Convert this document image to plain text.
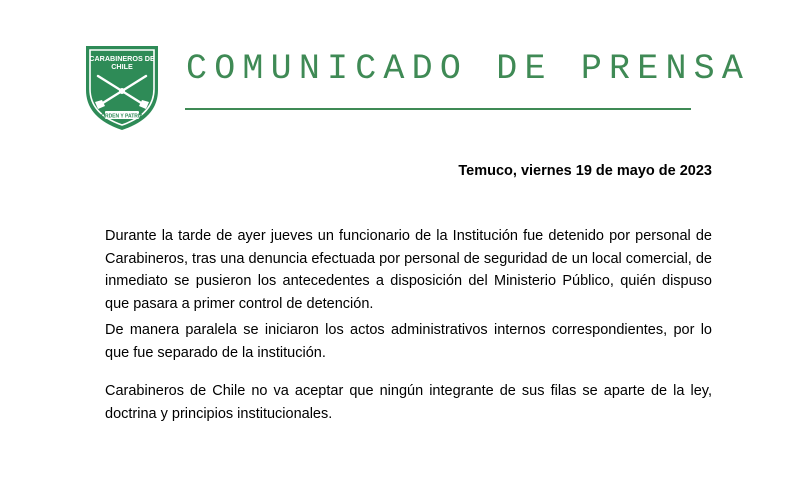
CARABINEROS DE
CHILE
ORDEN Y PATRIA
COMUNICADO DE PRENSA
Temuco, viernes 19 de mayo de 2023

Durante la tarde de ayer jueves un funcionario de la Institución fue detenido por personal de Carabineros, tras una denuncia efectuada por personal de seguridad de un local comercial, de inmediato se pusieron los antecedentes a disposición del Ministerio Público, quién dispuso que pasara a primer control de detención.

De manera paralela se iniciaron los actos administrativos internos correspondientes, por lo que fue separado de la institución.

Carabineros de Chile no va aceptar que ningún integrante de sus filas se aparte de la ley, doctrina y principios institucionales.
